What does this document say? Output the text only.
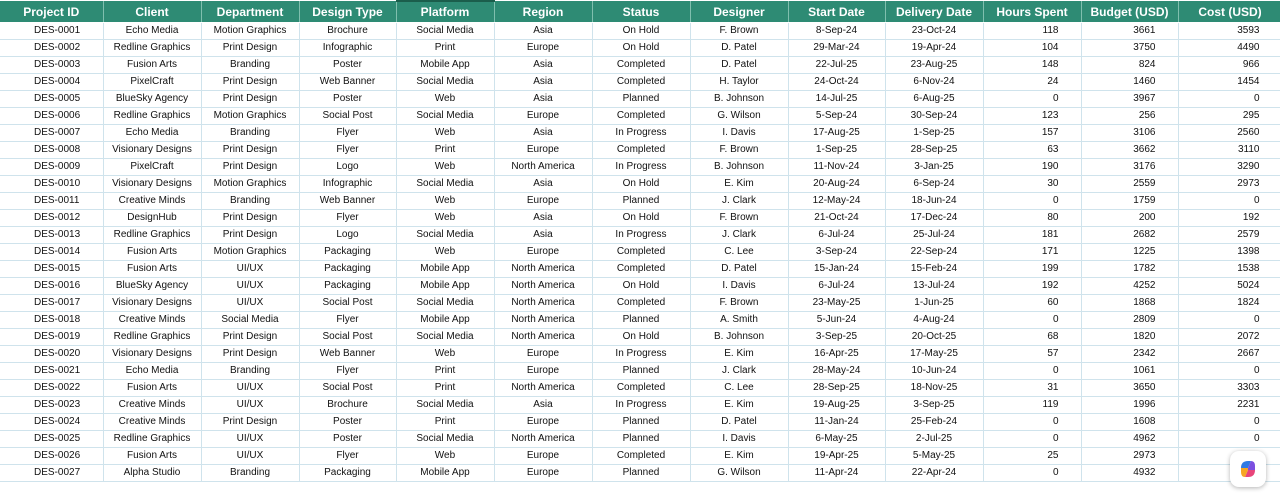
Project ID	Client	Department	Design Type	Platform	Region	Status	Designer	Start Date	Delivery Date	Hours Spent	Budget (USD)	Cost (USD)
DES-0001	Echo Media	Motion Graphics	Brochure	Social Media	Asia	On Hold	F. Brown	8-Sep-24	23-Oct-24	118	3661	3593
DES-0002	Redline Graphics	Print Design	Infographic	Print	Europe	On Hold	D. Patel	29-Mar-24	19-Apr-24	104	3750	4490
DES-0003	Fusion Arts	Branding	Poster	Mobile App	Asia	Completed	D. Patel	22-Jul-25	23-Aug-25	148	824	966
DES-0004	PixelCraft	Print Design	Web Banner	Social Media	Asia	Completed	H. Taylor	24-Oct-24	6-Nov-24	24	1460	1454
DES-0005	BlueSky Agency	Print Design	Poster	Web	Asia	Planned	B. Johnson	14-Jul-25	6-Aug-25	0	3967	0
DES-0006	Redline Graphics	Motion Graphics	Social Post	Social Media	Europe	Completed	G. Wilson	5-Sep-24	30-Sep-24	123	256	295
DES-0007	Echo Media	Branding	Flyer	Web	Asia	In Progress	I. Davis	17-Aug-25	1-Sep-25	157	3106	2560
DES-0008	Visionary Designs	Print Design	Flyer	Print	Europe	Completed	F. Brown	1-Sep-25	28-Sep-25	63	3662	3110
DES-0009	PixelCraft	Print Design	Logo	Web	North America	In Progress	B. Johnson	11-Nov-24	3-Jan-25	190	3176	3290
DES-0010	Visionary Designs	Motion Graphics	Infographic	Social Media	Asia	On Hold	E. Kim	20-Aug-24	6-Sep-24	30	2559	2973
DES-0011	Creative Minds	Branding	Web Banner	Web	Europe	Planned	J. Clark	12-May-24	18-Jun-24	0	1759	0
DES-0012	DesignHub	Print Design	Flyer	Web	Asia	On Hold	F. Brown	21-Oct-24	17-Dec-24	80	200	192
DES-0013	Redline Graphics	Print Design	Logo	Social Media	Asia	In Progress	J. Clark	6-Jul-24	25-Jul-24	181	2682	2579
DES-0014	Fusion Arts	Motion Graphics	Packaging	Web	Europe	Completed	C. Lee	3-Sep-24	22-Sep-24	171	1225	1398
DES-0015	Fusion Arts	UI/UX	Packaging	Mobile App	North America	Completed	D. Patel	15-Jan-24	15-Feb-24	199	1782	1538
DES-0016	BlueSky Agency	UI/UX	Packaging	Mobile App	North America	On Hold	I. Davis	6-Jul-24	13-Jul-24	192	4252	5024
DES-0017	Visionary Designs	UI/UX	Social Post	Social Media	North America	Completed	F. Brown	23-May-25	1-Jun-25	60	1868	1824
DES-0018	Creative Minds	Social Media	Flyer	Mobile App	North America	Planned	A. Smith	5-Jun-24	4-Aug-24	0	2809	0
DES-0019	Redline Graphics	Print Design	Social Post	Social Media	North America	On Hold	B. Johnson	3-Sep-25	20-Oct-25	68	1820	2072
DES-0020	Visionary Designs	Print Design	Web Banner	Web	Europe	In Progress	E. Kim	16-Apr-25	17-May-25	57	2342	2667
DES-0021	Echo Media	Branding	Flyer	Print	Europe	Planned	J. Clark	28-May-24	10-Jun-24	0	1061	0
DES-0022	Fusion Arts	UI/UX	Social Post	Print	North America	Completed	C. Lee	28-Sep-25	18-Nov-25	31	3650	3303
DES-0023	Creative Minds	UI/UX	Brochure	Social Media	Asia	In Progress	E. Kim	19-Aug-25	3-Sep-25	119	1996	2231
DES-0024	Creative Minds	Print Design	Poster	Print	Europe	Planned	D. Patel	11-Jan-24	25-Feb-24	0	1608	0
DES-0025	Redline Graphics	UI/UX	Poster	Social Media	North America	Planned	I. Davis	6-May-25	2-Jul-25	0	4962	0
DES-0026	Fusion Arts	UI/UX	Flyer	Web	Europe	Completed	E. Kim	19-Apr-25	5-May-25	25	2973	
DES-0027	Alpha Studio	Branding	Packaging	Mobile App	Europe	Planned	G. Wilson	11-Apr-24	22-Apr-24	0	4932	
